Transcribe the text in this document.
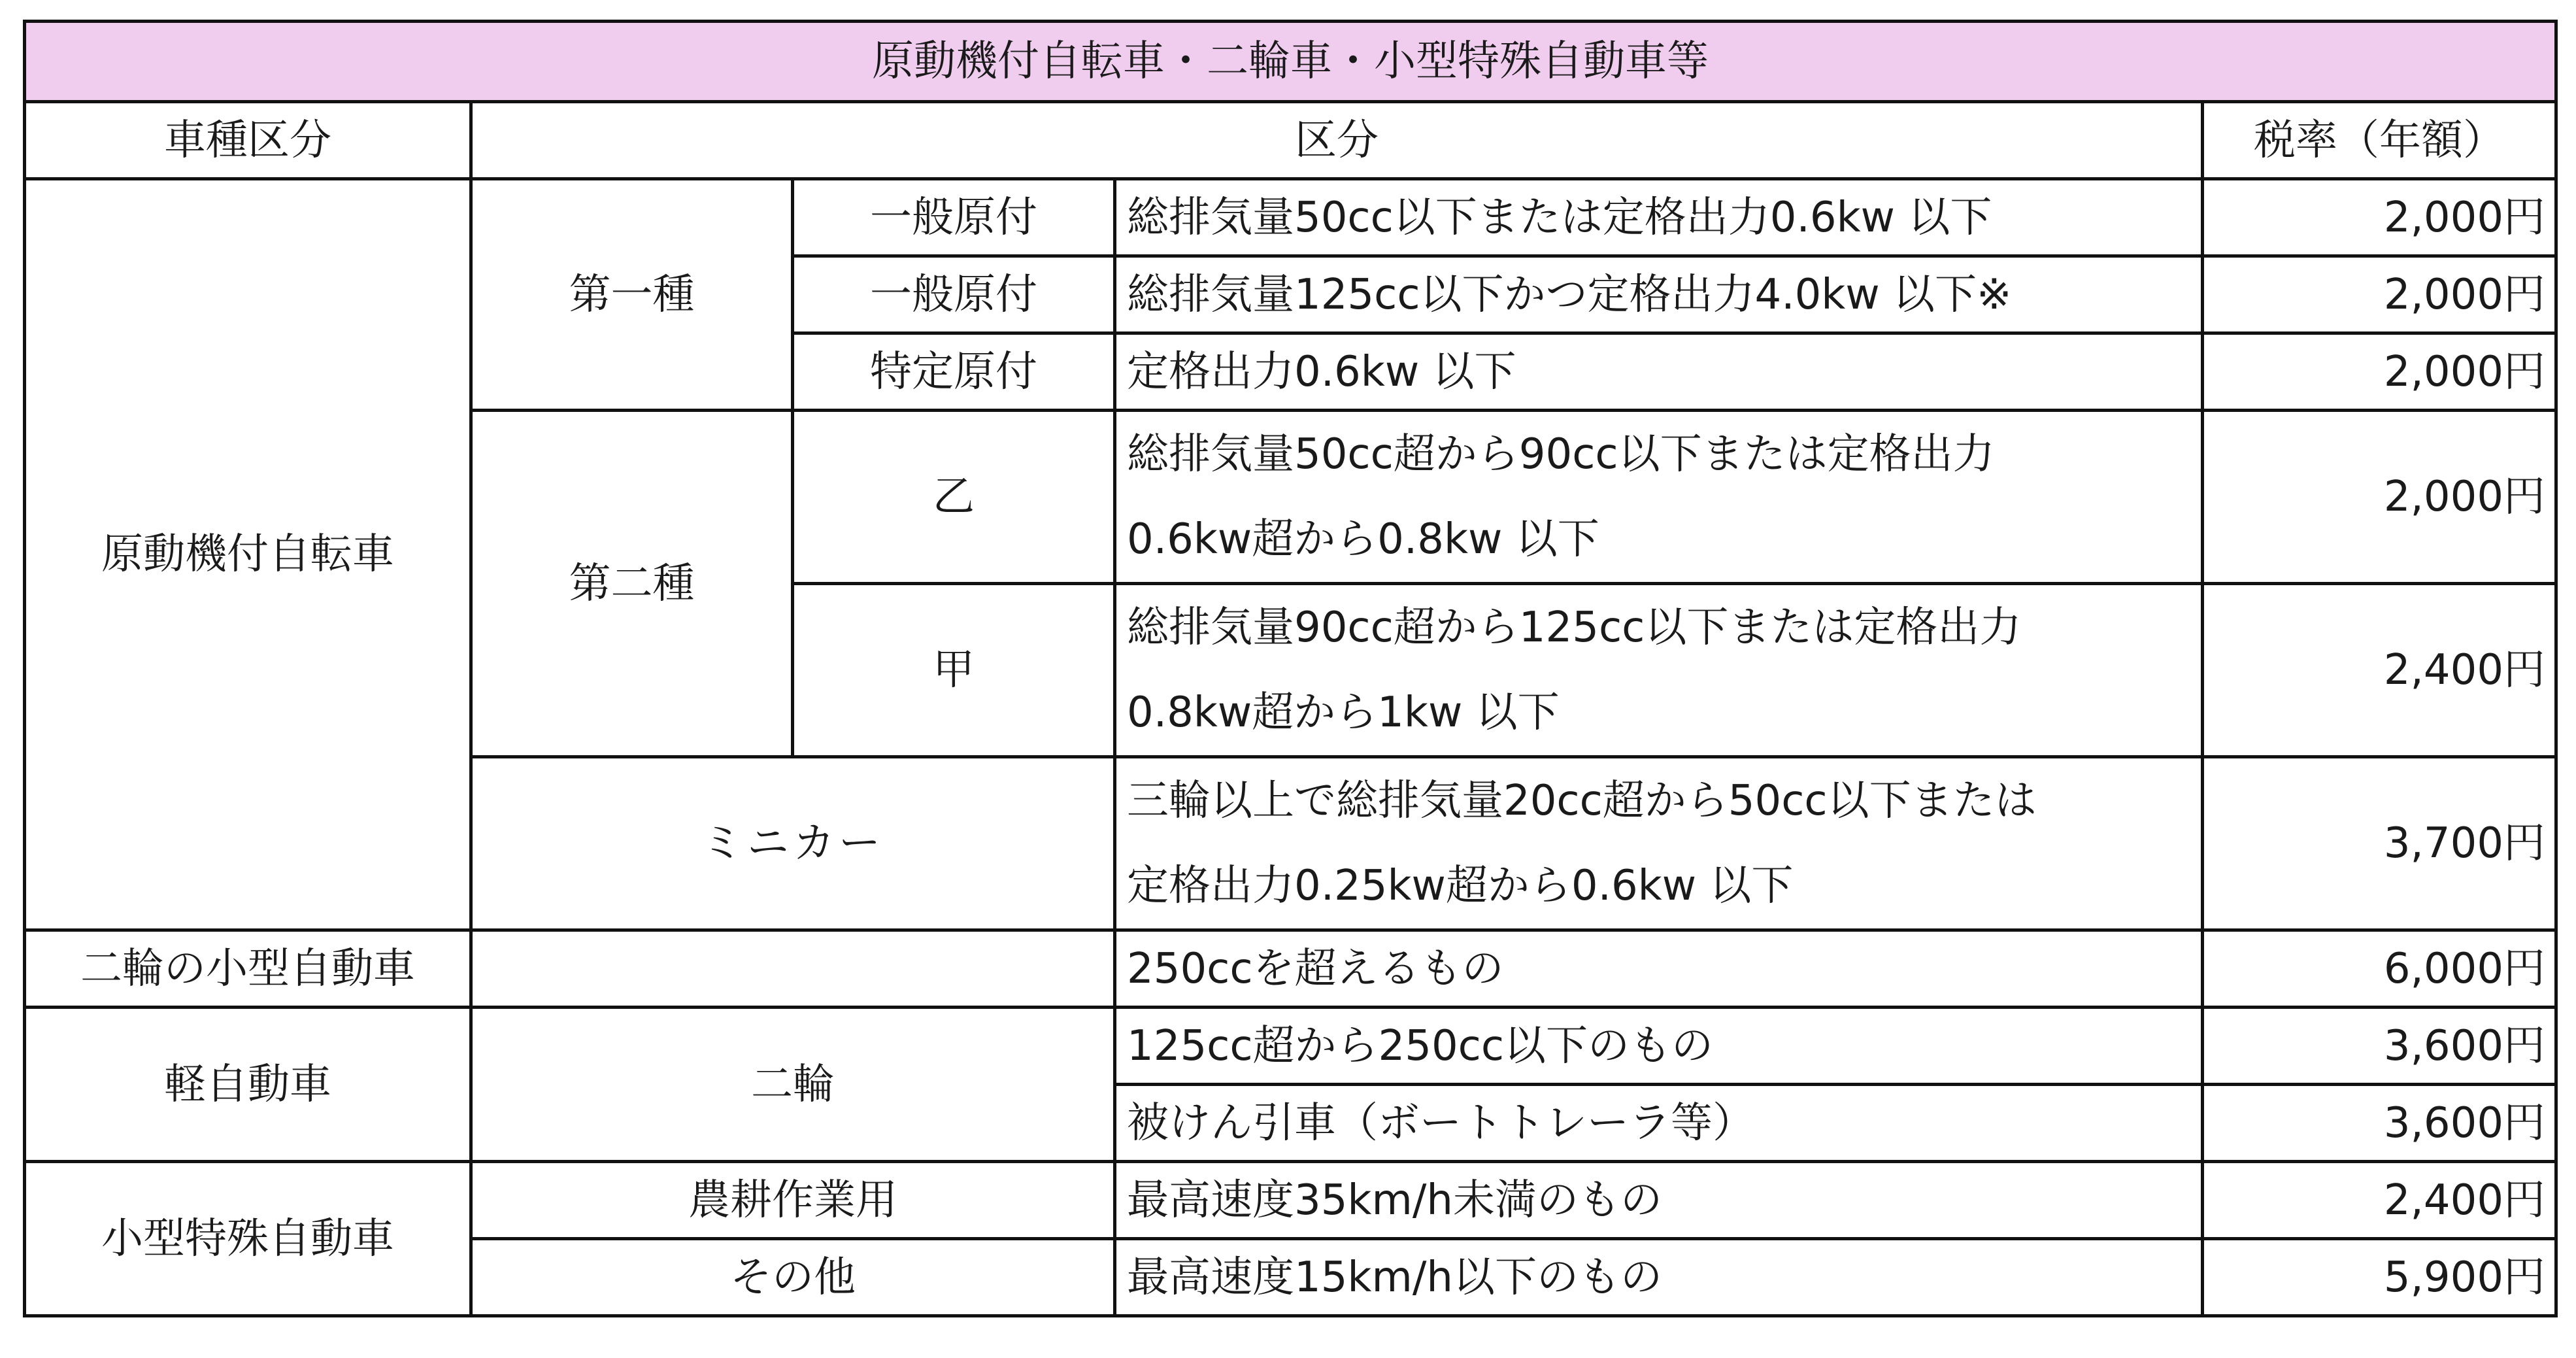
原動機付自転車・二輪車・小型特殊自動車等				
車種区分	区分			税率（年額）
原動機付自転車	第一種	一般原付	総排気量50cc以下または定格出力0.6kw 以下	2,000円
		一般原付	総排気量125cc以下かつ定格出力4.0kw 以下※	2,000円
		特定原付	定格出力0.6kw 以下	2,000円
	第二種	乙	総排気量50cc超から90cc以下または定格出力
0.6kw超から0.8kw 以下	2,000円
		甲	総排気量90cc超から125cc以下または定格出力
0.8kw超から1kw 以下	2,400円
	ミニカー		三輪以上で総排気量20cc超から50cc以下または
定格出力0.25kw超から0.6kw 以下	3,700円
二輪の小型自動車			250ccを超えるもの	6,000円
軽自動車	二輪		125cc超から250cc以下のもの	3,600円
			被けん引車（ボートトレーラ等）	3,600円
小型特殊自動車	農耕作業用		最高速度35km/h未満のもの	2,400円
	その他		最高速度15km/h以下のもの	5,900円
